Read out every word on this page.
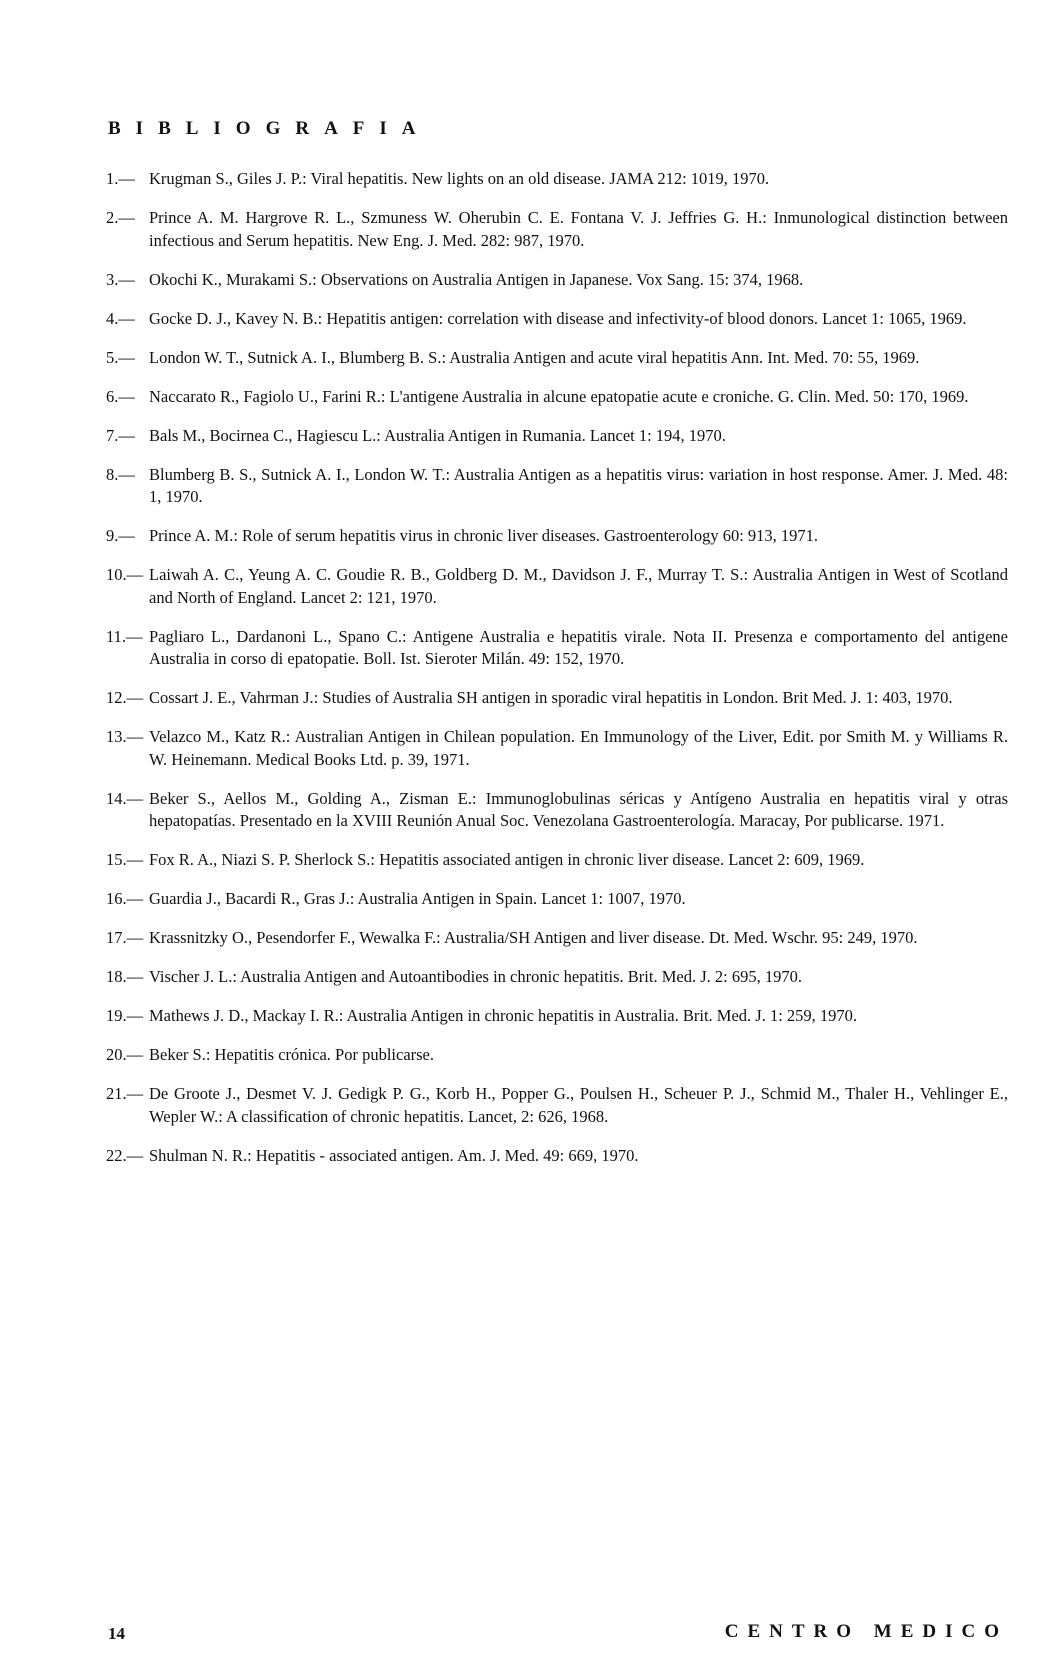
BIBLIOGRAFIA
1.— Krugman S., Giles J. P.: Viral hepatitis. New lights on an old disease. JAMA 212: 1019, 1970.
2.— Prince A. M. Hargrove R. L., Szmuness W. Oherubin C. E. Fontana V. J. Jeffries G. H.: Inmunological distinction between infectious and Serum hepatitis. New Eng. J. Med. 282: 987, 1970.
3.— Okochi K., Murakami S.: Observations on Australia Antigen in Japanese. Vox Sang. 15: 374, 1968.
4.— Gocke D. J., Kavey N. B.: Hepatitis antigen: correlation with disease and infectivity-of blood donors. Lancet 1: 1065, 1969.
5.— London W. T., Sutnick A. I., Blumberg B. S.: Australia Antigen and acute viral hepatitis Ann. Int. Med. 70: 55, 1969.
6.— Naccarato R., Fagiolo U., Farini R.: L'antigene Australia in alcune epatopatie acute e croniche. G. Clin. Med. 50: 170, 1969.
7.— Bals M., Bocirnea C., Hagiescu L.: Australia Antigen in Rumania. Lancet 1: 194, 1970.
8.— Blumberg B. S., Sutnick A. I., London W. T.: Australia Antigen as a hepatitis virus: variation in host response. Amer. J. Med. 48: 1, 1970.
9.— Prince A. M.: Role of serum hepatitis virus in chronic liver diseases. Gastroenterology 60: 913, 1971.
10.— Laiwah A. C., Yeung A. C. Goudie R. B., Goldberg D. M., Davidson J. F., Murray T. S.: Australia Antigen in West of Scotland and North of England. Lancet 2: 121, 1970.
11.— Pagliaro L., Dardanoni L., Spano C.: Antigene Australia e hepatitis virale. Nota II. Presenza e comportamento del antigene Australia in corso di epatopatie. Boll. Ist. Sieroter Milán. 49: 152, 1970.
12.— Cossart J. E., Vahrman J.: Studies of Australia SH antigen in sporadic viral hepatitis in London. Brit Med. J. 1: 403, 1970.
13.— Velazco M., Katz R.: Australian Antigen in Chilean population. En Immunology of the Liver, Edit. por Smith M. y Williams R. W. Heinemann. Medical Books Ltd. p. 39, 1971.
14.— Beker S., Aellos M., Golding A., Zisman E.: Immunoglobulinas séricas y Antígeno Australia en hepatitis viral y otras hepatopatías. Presentado en la XVIII Reunión Anual Soc. Venezolana Gastroenterología. Maracay, Por publicarse. 1971.
15.— Fox R. A., Niazi S. P. Sherlock S.: Hepatitis associated antigen in chronic liver disease. Lancet 2: 609, 1969.
16.— Guardia J., Bacardi R., Gras J.: Australia Antigen in Spain. Lancet 1: 1007, 1970.
17.— Krassnitzky O., Pesendorfer F., Wewalka F.: Australia/SH Antigen and liver disease. Dt. Med. Wschr. 95: 249, 1970.
18.— Vischer J. L.: Australia Antigen and Autoantibodies in chronic hepatitis. Brit. Med. J. 2: 695, 1970.
19.— Mathews J. D., Mackay I. R.: Australia Antigen in chronic hepatitis in Australia. Brit. Med. J. 1: 259, 1970.
20.— Beker S.: Hepatitis crónica. Por publicarse.
21.— De Groote J., Desmet V. J. Gedigk P. G., Korb H., Popper G., Poulsen H., Scheuer P. J., Schmid M., Thaler H., Vehlinger E., Wepler W.: A classification of chronic hepatitis. Lancet, 2: 626, 1968.
22.— Shulman N. R.: Hepatitis - associated antigen. Am. J. Med. 49: 669, 1970.
14	CENTRO MEDICO
